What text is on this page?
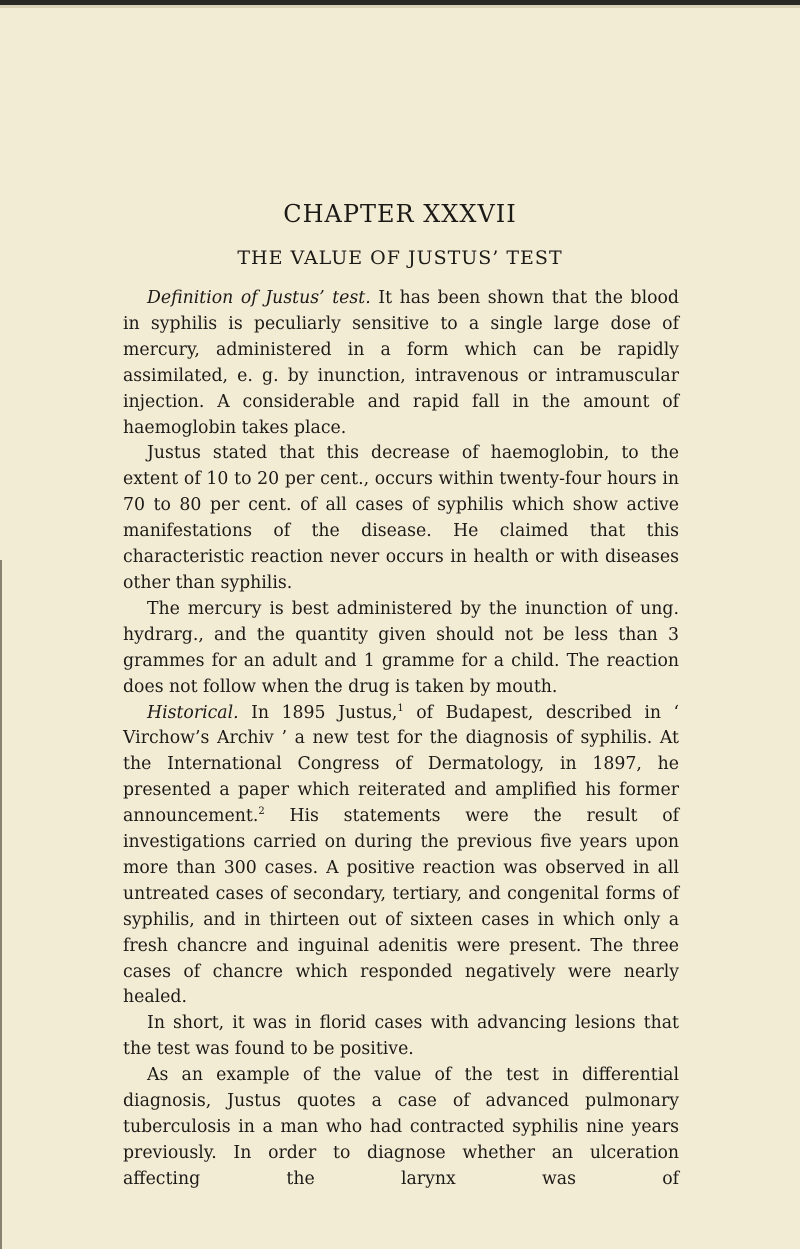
CHAPTER XXXVII
THE VALUE OF JUSTUS’ TEST

Definition of Justus’ test. It has been shown that the blood in syphilis is peculiarly sensitive to a single large dose of mercury, administered in a form which can be rapidly assimilated, e. g. by inunction, intravenous or intramuscular injection. A considerable and rapid fall in the amount of haemoglobin takes place.

Justus stated that this decrease of haemoglobin, to the extent of 10 to 20 per cent., occurs within twenty-four hours in 70 to 80 per cent. of all cases of syphilis which show active manifestations of the disease. He claimed that this characteristic reaction never occurs in health or with diseases other than syphilis.

The mercury is best administered by the inunction of ung. hydrarg., and the quantity given should not be less than 3 grammes for an adult and 1 gramme for a child. The reaction does not follow when the drug is taken by mouth.

Historical. In 1895 Justus,$^1$ of Budapest, described in ‘ Virchow’s Archiv ’ a new test for the diagnosis of syphilis. At the International Congress of Dermatology, in 1897, he presented a paper which reiterated and amplified his former announcement.$^2$ His statements were the result of investigations carried on during the previous five years upon more than 300 cases. A positive reaction was observed in all untreated cases of secondary, tertiary, and congenital forms of syphilis, and in thirteen out of sixteen cases in which only a fresh chancre and inguinal adenitis were present. The three cases of chancre which responded negatively were nearly healed.

In short, it was in florid cases with advancing lesions that the test was found to be positive.

As an example of the value of the test in differential diagnosis, Justus quotes a case of advanced pulmonary tuberculosis in a man who had contracted syphilis nine years previously. In order to diagnose whether an ulceration affecting the larynx was of
